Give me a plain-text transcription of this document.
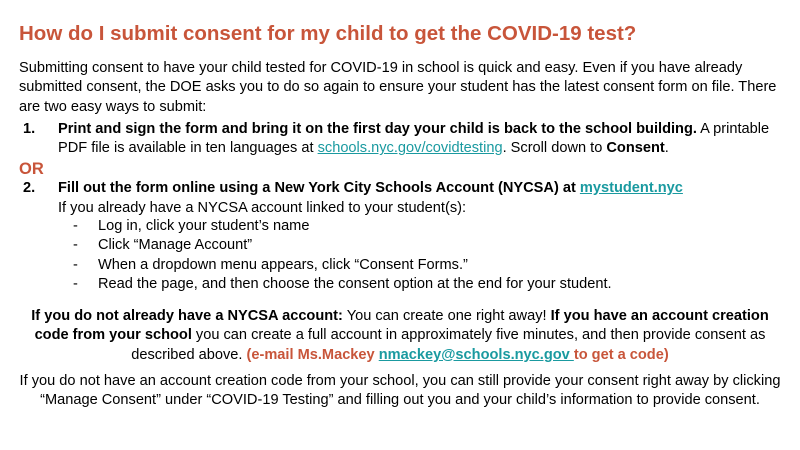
How do I submit consent for my child to get the COVID-19 test?
Submitting consent to have your child tested for COVID-19 in school is quick and easy. Even if you have already submitted consent, the DOE asks you to do so again to ensure your student has the latest consent form on file. There are two easy ways to submit:
1. Print and sign the form and bring it on the first day your child is back to the school building. A printable PDF file is available in ten languages at schools.nyc.gov/covidtesting. Scroll down to Consent.
OR
2. Fill out the form online using a New York City Schools Account (NYCSA) at mystudent.nyc
If you already have a NYCSA account linked to your student(s):
- Log in, click your student’s name
- Click “Manage Account”
- When a dropdown menu appears, click “Consent Forms.”
- Read the page, and then choose the consent option at the end for your student.
If you do not already have a NYCSA account: You can create one right away! If you have an account creation code from your school you can create a full account in approximately five minutes, and then provide consent as described above. (e-mail Ms.Mackey nmackey@schools.nyc.gov to get a code)
If you do not have an account creation code from your school, you can still provide your consent right away by clicking “Manage Consent” under “COVID-19 Testing” and filling out you and your child’s information to provide consent.
